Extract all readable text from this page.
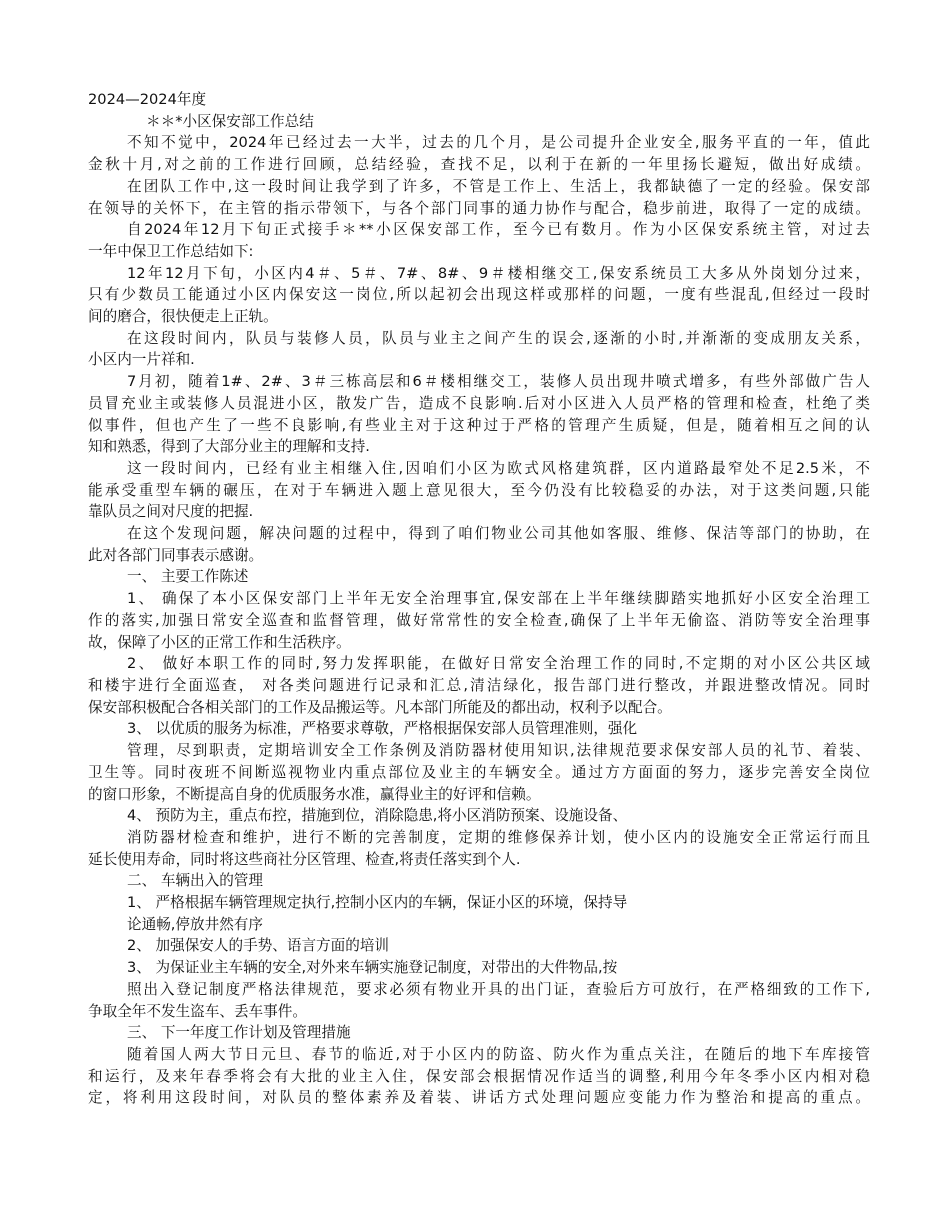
2024—2024年度
＊＊*小区保安部工作总结
不知不觉中，2024年已经过去一大半，过去的几个月，是公司提升企业安全,服务平直的一年，值此
金秋十月,对之前的工作进行回顾，总结经验，查找不足，以利于在新的一年里扬长避短，做出好成绩。
在团队工作中,这一段时间让我学到了许多，不管是工作上、生活上，我都缺德了一定的经验。保安部
在领导的关怀下，在主管的指示带领下，与各个部门同事的通力协作与配合，稳步前进，取得了一定的成绩。
自2024年12月下旬正式接手＊**小区保安部工作，至今已有数月。作为小区保安系统主管，对过去
一年中保卫工作总结如下:
12年12月下旬，小区内4＃、5＃、7#、8#、9＃楼相继交工,保安系统员工大多从外岗划分过来，
只有少数员工能通过小区内保安这一岗位,所以起初会出现这样或那样的问题，一度有些混乱,但经过一段时
间的磨合，很快便走上正轨。
在这段时间内，队员与装修人员，队员与业主之间产生的误会,逐渐的小时,并渐渐的变成朋友关系，
小区内一片祥和.
7月初，随着1#、2#、3＃三栋高层和6＃楼相继交工，装修人员出现井喷式增多，有些外部做广告人
员冒充业主或装修人员混进小区，散发广告，造成不良影响.后对小区进入人员严格的管理和检查，杜绝了类
似事件，但也产生了一些不良影响,有些业主对于这种过于严格的管理产生质疑，但是，随着相互之间的认
知和熟悉，得到了大部分业主的理解和支持.
这一段时间内，已经有业主相继入住,因咱们小区为欧式风格建筑群，区内道路最窄处不足2.5米，不
能承受重型车辆的碾压，在对于车辆进入题上意见很大，至今仍没有比较稳妥的办法，对于这类问题,只能
靠队员之间对尺度的把握.
在这个发现问题，解决问题的过程中，得到了咱们物业公司其他如客服、维修、保洁等部门的协助，在
此对各部门同事表示感谢。
一、 主要工作陈述
1、 确保了本小区保安部门上半年无安全治理事宜,保安部在上半年继续脚踏实地抓好小区安全治理工
作的落实,加强日常安全巡查和监督管理，做好常常性的安全检查,确保了上半年无偷盗、消防等安全治理事
故，保障了小区的正常工作和生活秩序。
2、 做好本职工作的同时,努力发挥职能，在做好日常安全治理工作的同时,不定期的对小区公共区域
和楼宇进行全面巡查， 对各类问题进行记录和汇总,清洁绿化，报告部门进行整改，并跟进整改情况。同时
保安部积极配合各相关部门的工作及品搬运等。凡本部门所能及的都出动，权利予以配合。
3、 以优质的服务为标准，严格要求尊敬，严格根据保安部人员管理准则，强化
管理，尽到职责，定期培训安全工作条例及消防器材使用知识,法律规范要求保安部人员的礼节、着装、
卫生等。同时夜班不间断巡视物业内重点部位及业主的车辆安全。通过方方面面的努力，逐步完善安全岗位
的窗口形象，不断提高自身的优质服务水准，赢得业主的好评和信赖。
4、 预防为主，重点布控，措施到位，消除隐患,将小区消防预案、设施设备、
消防器材检查和维护，进行不断的完善制度，定期的维修保养计划，使小区内的设施安全正常运行而且
延长使用寿命，同时将这些商社分区管理、检查,将责任落实到个人.
二、 车辆出入的管理
1、 严格根据车辆管理规定执行,控制小区内的车辆，保证小区的环境，保持导
论通畅,停放井然有序
2、 加强保安人的手势、语言方面的培训
3、 为保证业主车辆的安全,对外来车辆实施登记制度，对带出的大件物品,按
照出入登记制度严格法律规范，要求必须有物业开具的出门证，查验后方可放行，在严格细致的工作下,
争取全年不发生盗车、丢车事件。
三、 下一年度工作计划及管理措施
随着国人两大节日元旦、春节的临近,对于小区内的防盗、防火作为重点关注，在随后的地下车库接管
和运行，及来年春季将会有大批的业主入住，保安部会根据情况作适当的调整,利用今年冬季小区内相对稳
定，将利用这段时间，对队员的整体素养及着装、讲话方式处理问题应变能力作为整治和提高的重点。
